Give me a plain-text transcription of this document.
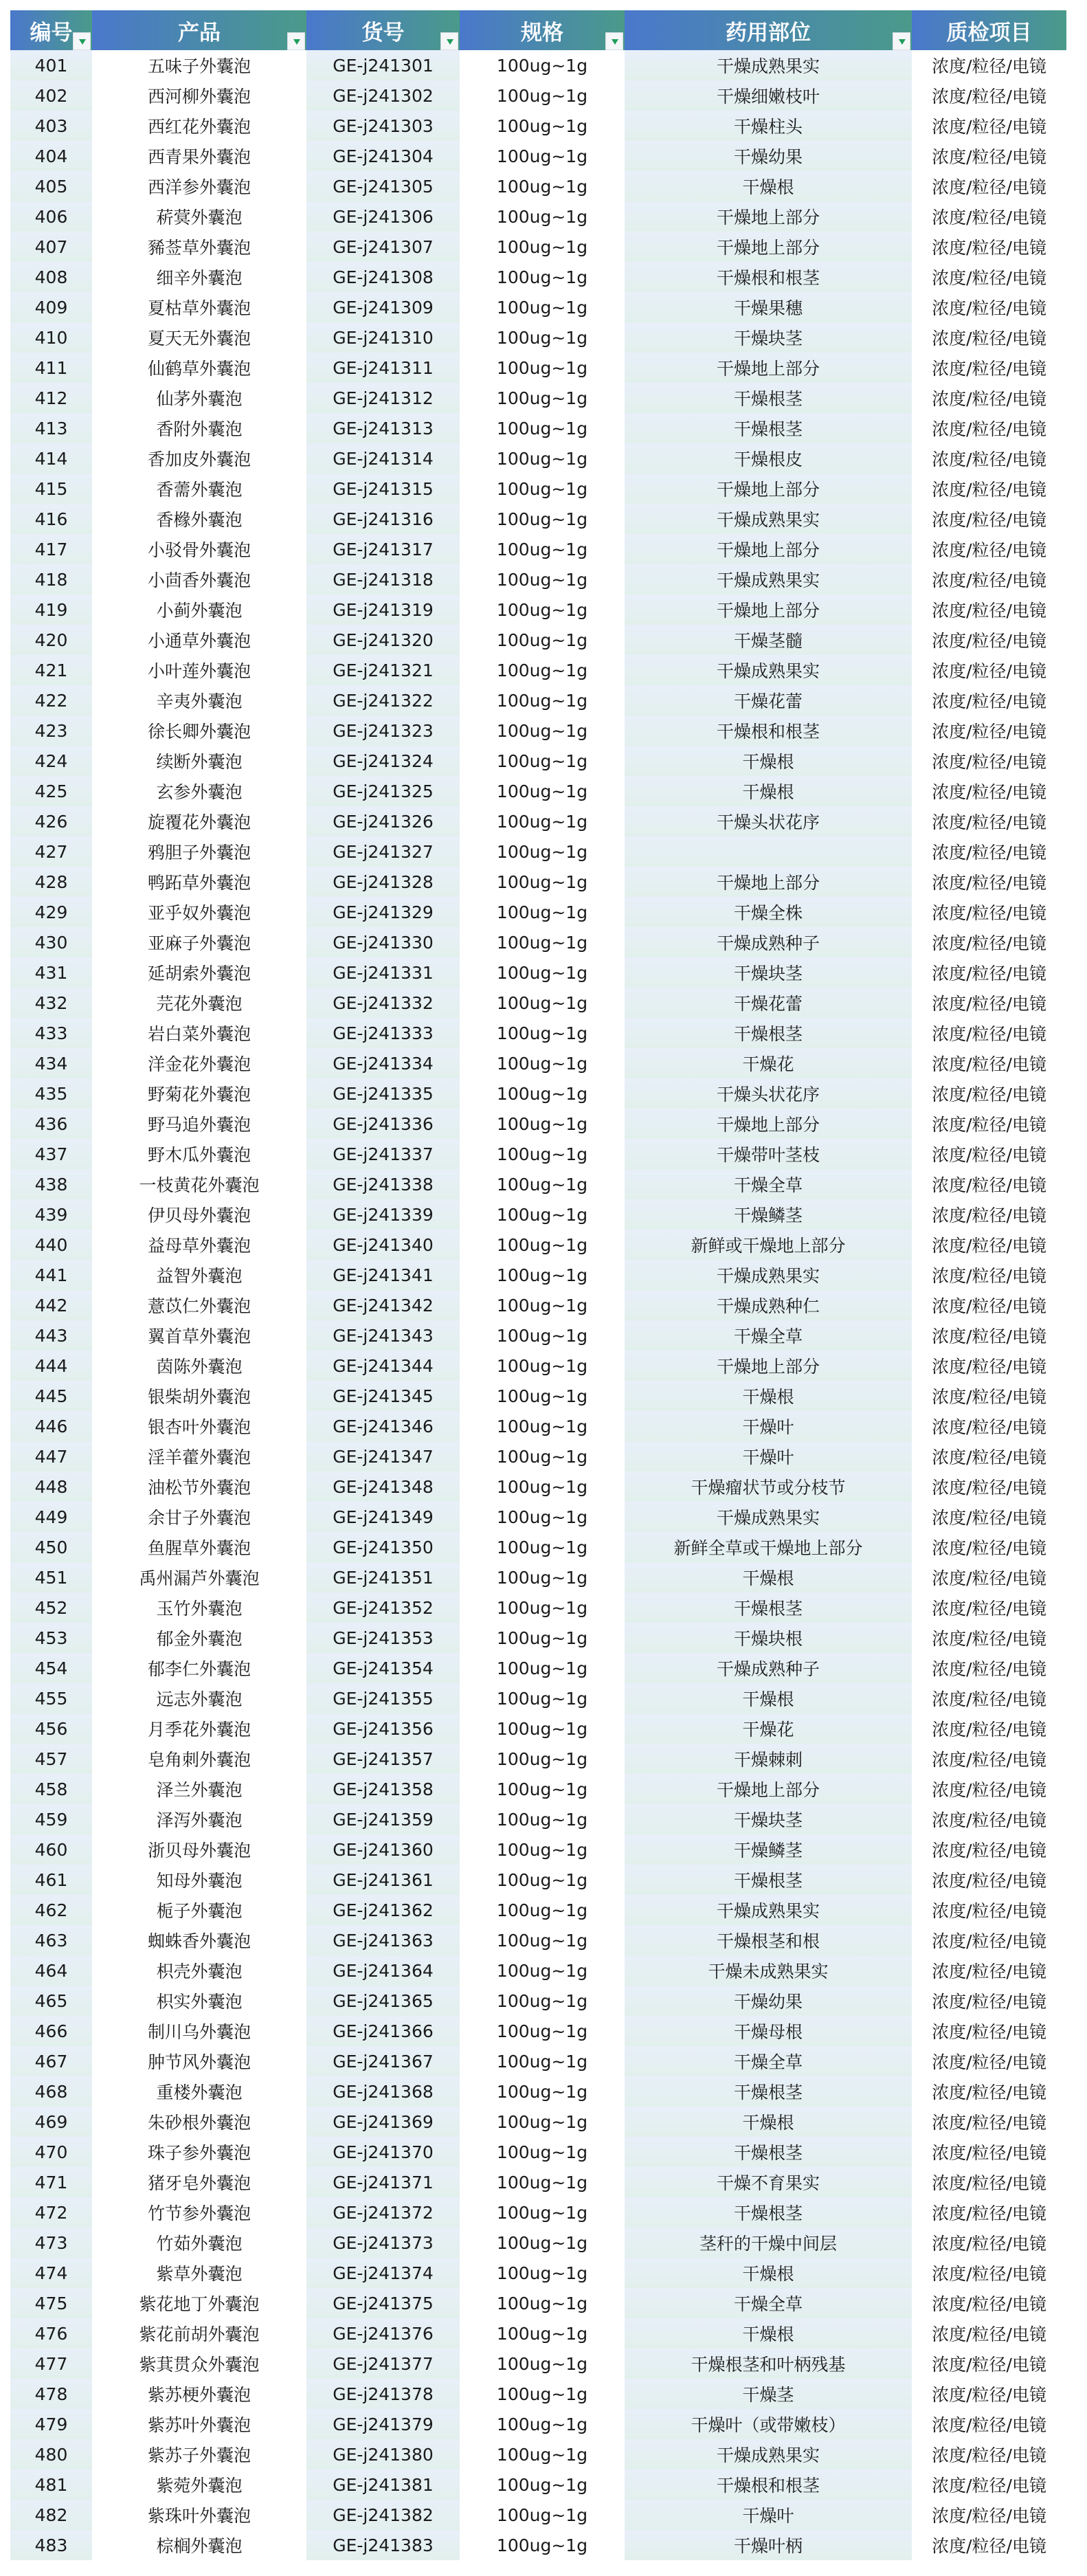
编号	产品	货号	规格	药用部位	质检项目
401	五味子外囊泡	GE-j241301	100ug~1g	干燥成熟果实	浓度/粒径/电镜
402	西河柳外囊泡	GE-j241302	100ug~1g	干燥细嫩枝叶	浓度/粒径/电镜
403	西红花外囊泡	GE-j241303	100ug~1g	干燥柱头	浓度/粒径/电镜
404	西青果外囊泡	GE-j241304	100ug~1g	干燥幼果	浓度/粒径/电镜
405	西洋参外囊泡	GE-j241305	100ug~1g	干燥根	浓度/粒径/电镜
406	菥蓂外囊泡	GE-j241306	100ug~1g	干燥地上部分	浓度/粒径/电镜
407	豨莶草外囊泡	GE-j241307	100ug~1g	干燥地上部分	浓度/粒径/电镜
408	细辛外囊泡	GE-j241308	100ug~1g	干燥根和根茎	浓度/粒径/电镜
409	夏枯草外囊泡	GE-j241309	100ug~1g	干燥果穗	浓度/粒径/电镜
410	夏天无外囊泡	GE-j241310	100ug~1g	干燥块茎	浓度/粒径/电镜
411	仙鹤草外囊泡	GE-j241311	100ug~1g	干燥地上部分	浓度/粒径/电镜
412	仙茅外囊泡	GE-j241312	100ug~1g	干燥根茎	浓度/粒径/电镜
413	香附外囊泡	GE-j241313	100ug~1g	干燥根茎	浓度/粒径/电镜
414	香加皮外囊泡	GE-j241314	100ug~1g	干燥根皮	浓度/粒径/电镜
415	香薷外囊泡	GE-j241315	100ug~1g	干燥地上部分	浓度/粒径/电镜
416	香橼外囊泡	GE-j241316	100ug~1g	干燥成熟果实	浓度/粒径/电镜
417	小驳骨外囊泡	GE-j241317	100ug~1g	干燥地上部分	浓度/粒径/电镜
418	小茴香外囊泡	GE-j241318	100ug~1g	干燥成熟果实	浓度/粒径/电镜
419	小蓟外囊泡	GE-j241319	100ug~1g	干燥地上部分	浓度/粒径/电镜
420	小通草外囊泡	GE-j241320	100ug~1g	干燥茎髓	浓度/粒径/电镜
421	小叶莲外囊泡	GE-j241321	100ug~1g	干燥成熟果实	浓度/粒径/电镜
422	辛夷外囊泡	GE-j241322	100ug~1g	干燥花蕾	浓度/粒径/电镜
423	徐长卿外囊泡	GE-j241323	100ug~1g	干燥根和根茎	浓度/粒径/电镜
424	续断外囊泡	GE-j241324	100ug~1g	干燥根	浓度/粒径/电镜
425	玄参外囊泡	GE-j241325	100ug~1g	干燥根	浓度/粒径/电镜
426	旋覆花外囊泡	GE-j241326	100ug~1g	干燥头状花序	浓度/粒径/电镜
427	鸦胆子外囊泡	GE-j241327	100ug~1g		浓度/粒径/电镜
428	鸭跖草外囊泡	GE-j241328	100ug~1g	干燥地上部分	浓度/粒径/电镜
429	亚乎奴外囊泡	GE-j241329	100ug~1g	干燥全株	浓度/粒径/电镜
430	亚麻子外囊泡	GE-j241330	100ug~1g	干燥成熟种子	浓度/粒径/电镜
431	延胡索外囊泡	GE-j241331	100ug~1g	干燥块茎	浓度/粒径/电镜
432	芫花外囊泡	GE-j241332	100ug~1g	干燥花蕾	浓度/粒径/电镜
433	岩白菜外囊泡	GE-j241333	100ug~1g	干燥根茎	浓度/粒径/电镜
434	洋金花外囊泡	GE-j241334	100ug~1g	干燥花	浓度/粒径/电镜
435	野菊花外囊泡	GE-j241335	100ug~1g	干燥头状花序	浓度/粒径/电镜
436	野马追外囊泡	GE-j241336	100ug~1g	干燥地上部分	浓度/粒径/电镜
437	野木瓜外囊泡	GE-j241337	100ug~1g	干燥带叶茎枝	浓度/粒径/电镜
438	一枝黄花外囊泡	GE-j241338	100ug~1g	干燥全草	浓度/粒径/电镜
439	伊贝母外囊泡	GE-j241339	100ug~1g	干燥鳞茎	浓度/粒径/电镜
440	益母草外囊泡	GE-j241340	100ug~1g	新鲜或干燥地上部分	浓度/粒径/电镜
441	益智外囊泡	GE-j241341	100ug~1g	干燥成熟果实	浓度/粒径/电镜
442	薏苡仁外囊泡	GE-j241342	100ug~1g	干燥成熟种仁	浓度/粒径/电镜
443	翼首草外囊泡	GE-j241343	100ug~1g	干燥全草	浓度/粒径/电镜
444	茵陈外囊泡	GE-j241344	100ug~1g	干燥地上部分	浓度/粒径/电镜
445	银柴胡外囊泡	GE-j241345	100ug~1g	干燥根	浓度/粒径/电镜
446	银杏叶外囊泡	GE-j241346	100ug~1g	干燥叶	浓度/粒径/电镜
447	淫羊藿外囊泡	GE-j241347	100ug~1g	干燥叶	浓度/粒径/电镜
448	油松节外囊泡	GE-j241348	100ug~1g	干燥瘤状节或分枝节	浓度/粒径/电镜
449	余甘子外囊泡	GE-j241349	100ug~1g	干燥成熟果实	浓度/粒径/电镜
450	鱼腥草外囊泡	GE-j241350	100ug~1g	新鲜全草或干燥地上部分	浓度/粒径/电镜
451	禹州漏芦外囊泡	GE-j241351	100ug~1g	干燥根	浓度/粒径/电镜
452	玉竹外囊泡	GE-j241352	100ug~1g	干燥根茎	浓度/粒径/电镜
453	郁金外囊泡	GE-j241353	100ug~1g	干燥块根	浓度/粒径/电镜
454	郁李仁外囊泡	GE-j241354	100ug~1g	干燥成熟种子	浓度/粒径/电镜
455	远志外囊泡	GE-j241355	100ug~1g	干燥根	浓度/粒径/电镜
456	月季花外囊泡	GE-j241356	100ug~1g	干燥花	浓度/粒径/电镜
457	皂角刺外囊泡	GE-j241357	100ug~1g	干燥棘刺	浓度/粒径/电镜
458	泽兰外囊泡	GE-j241358	100ug~1g	干燥地上部分	浓度/粒径/电镜
459	泽泻外囊泡	GE-j241359	100ug~1g	干燥块茎	浓度/粒径/电镜
460	浙贝母外囊泡	GE-j241360	100ug~1g	干燥鳞茎	浓度/粒径/电镜
461	知母外囊泡	GE-j241361	100ug~1g	干燥根茎	浓度/粒径/电镜
462	栀子外囊泡	GE-j241362	100ug~1g	干燥成熟果实	浓度/粒径/电镜
463	蜘蛛香外囊泡	GE-j241363	100ug~1g	干燥根茎和根	浓度/粒径/电镜
464	枳壳外囊泡	GE-j241364	100ug~1g	干燥未成熟果实	浓度/粒径/电镜
465	枳实外囊泡	GE-j241365	100ug~1g	干燥幼果	浓度/粒径/电镜
466	制川乌外囊泡	GE-j241366	100ug~1g	干燥母根	浓度/粒径/电镜
467	肿节风外囊泡	GE-j241367	100ug~1g	干燥全草	浓度/粒径/电镜
468	重楼外囊泡	GE-j241368	100ug~1g	干燥根茎	浓度/粒径/电镜
469	朱砂根外囊泡	GE-j241369	100ug~1g	干燥根	浓度/粒径/电镜
470	珠子参外囊泡	GE-j241370	100ug~1g	干燥根茎	浓度/粒径/电镜
471	猪牙皂外囊泡	GE-j241371	100ug~1g	干燥不育果实	浓度/粒径/电镜
472	竹节参外囊泡	GE-j241372	100ug~1g	干燥根茎	浓度/粒径/电镜
473	竹茹外囊泡	GE-j241373	100ug~1g	茎秆的干燥中间层	浓度/粒径/电镜
474	紫草外囊泡	GE-j241374	100ug~1g	干燥根	浓度/粒径/电镜
475	紫花地丁外囊泡	GE-j241375	100ug~1g	干燥全草	浓度/粒径/电镜
476	紫花前胡外囊泡	GE-j241376	100ug~1g	干燥根	浓度/粒径/电镜
477	紫萁贯众外囊泡	GE-j241377	100ug~1g	干燥根茎和叶柄残基	浓度/粒径/电镜
478	紫苏梗外囊泡	GE-j241378	100ug~1g	干燥茎	浓度/粒径/电镜
479	紫苏叶外囊泡	GE-j241379	100ug~1g	干燥叶（或带嫩枝）	浓度/粒径/电镜
480	紫苏子外囊泡	GE-j241380	100ug~1g	干燥成熟果实	浓度/粒径/电镜
481	紫菀外囊泡	GE-j241381	100ug~1g	干燥根和根茎	浓度/粒径/电镜
482	紫珠叶外囊泡	GE-j241382	100ug~1g	干燥叶	浓度/粒径/电镜
483	棕榈外囊泡	GE-j241383	100ug~1g	干燥叶柄	浓度/粒径/电镜
